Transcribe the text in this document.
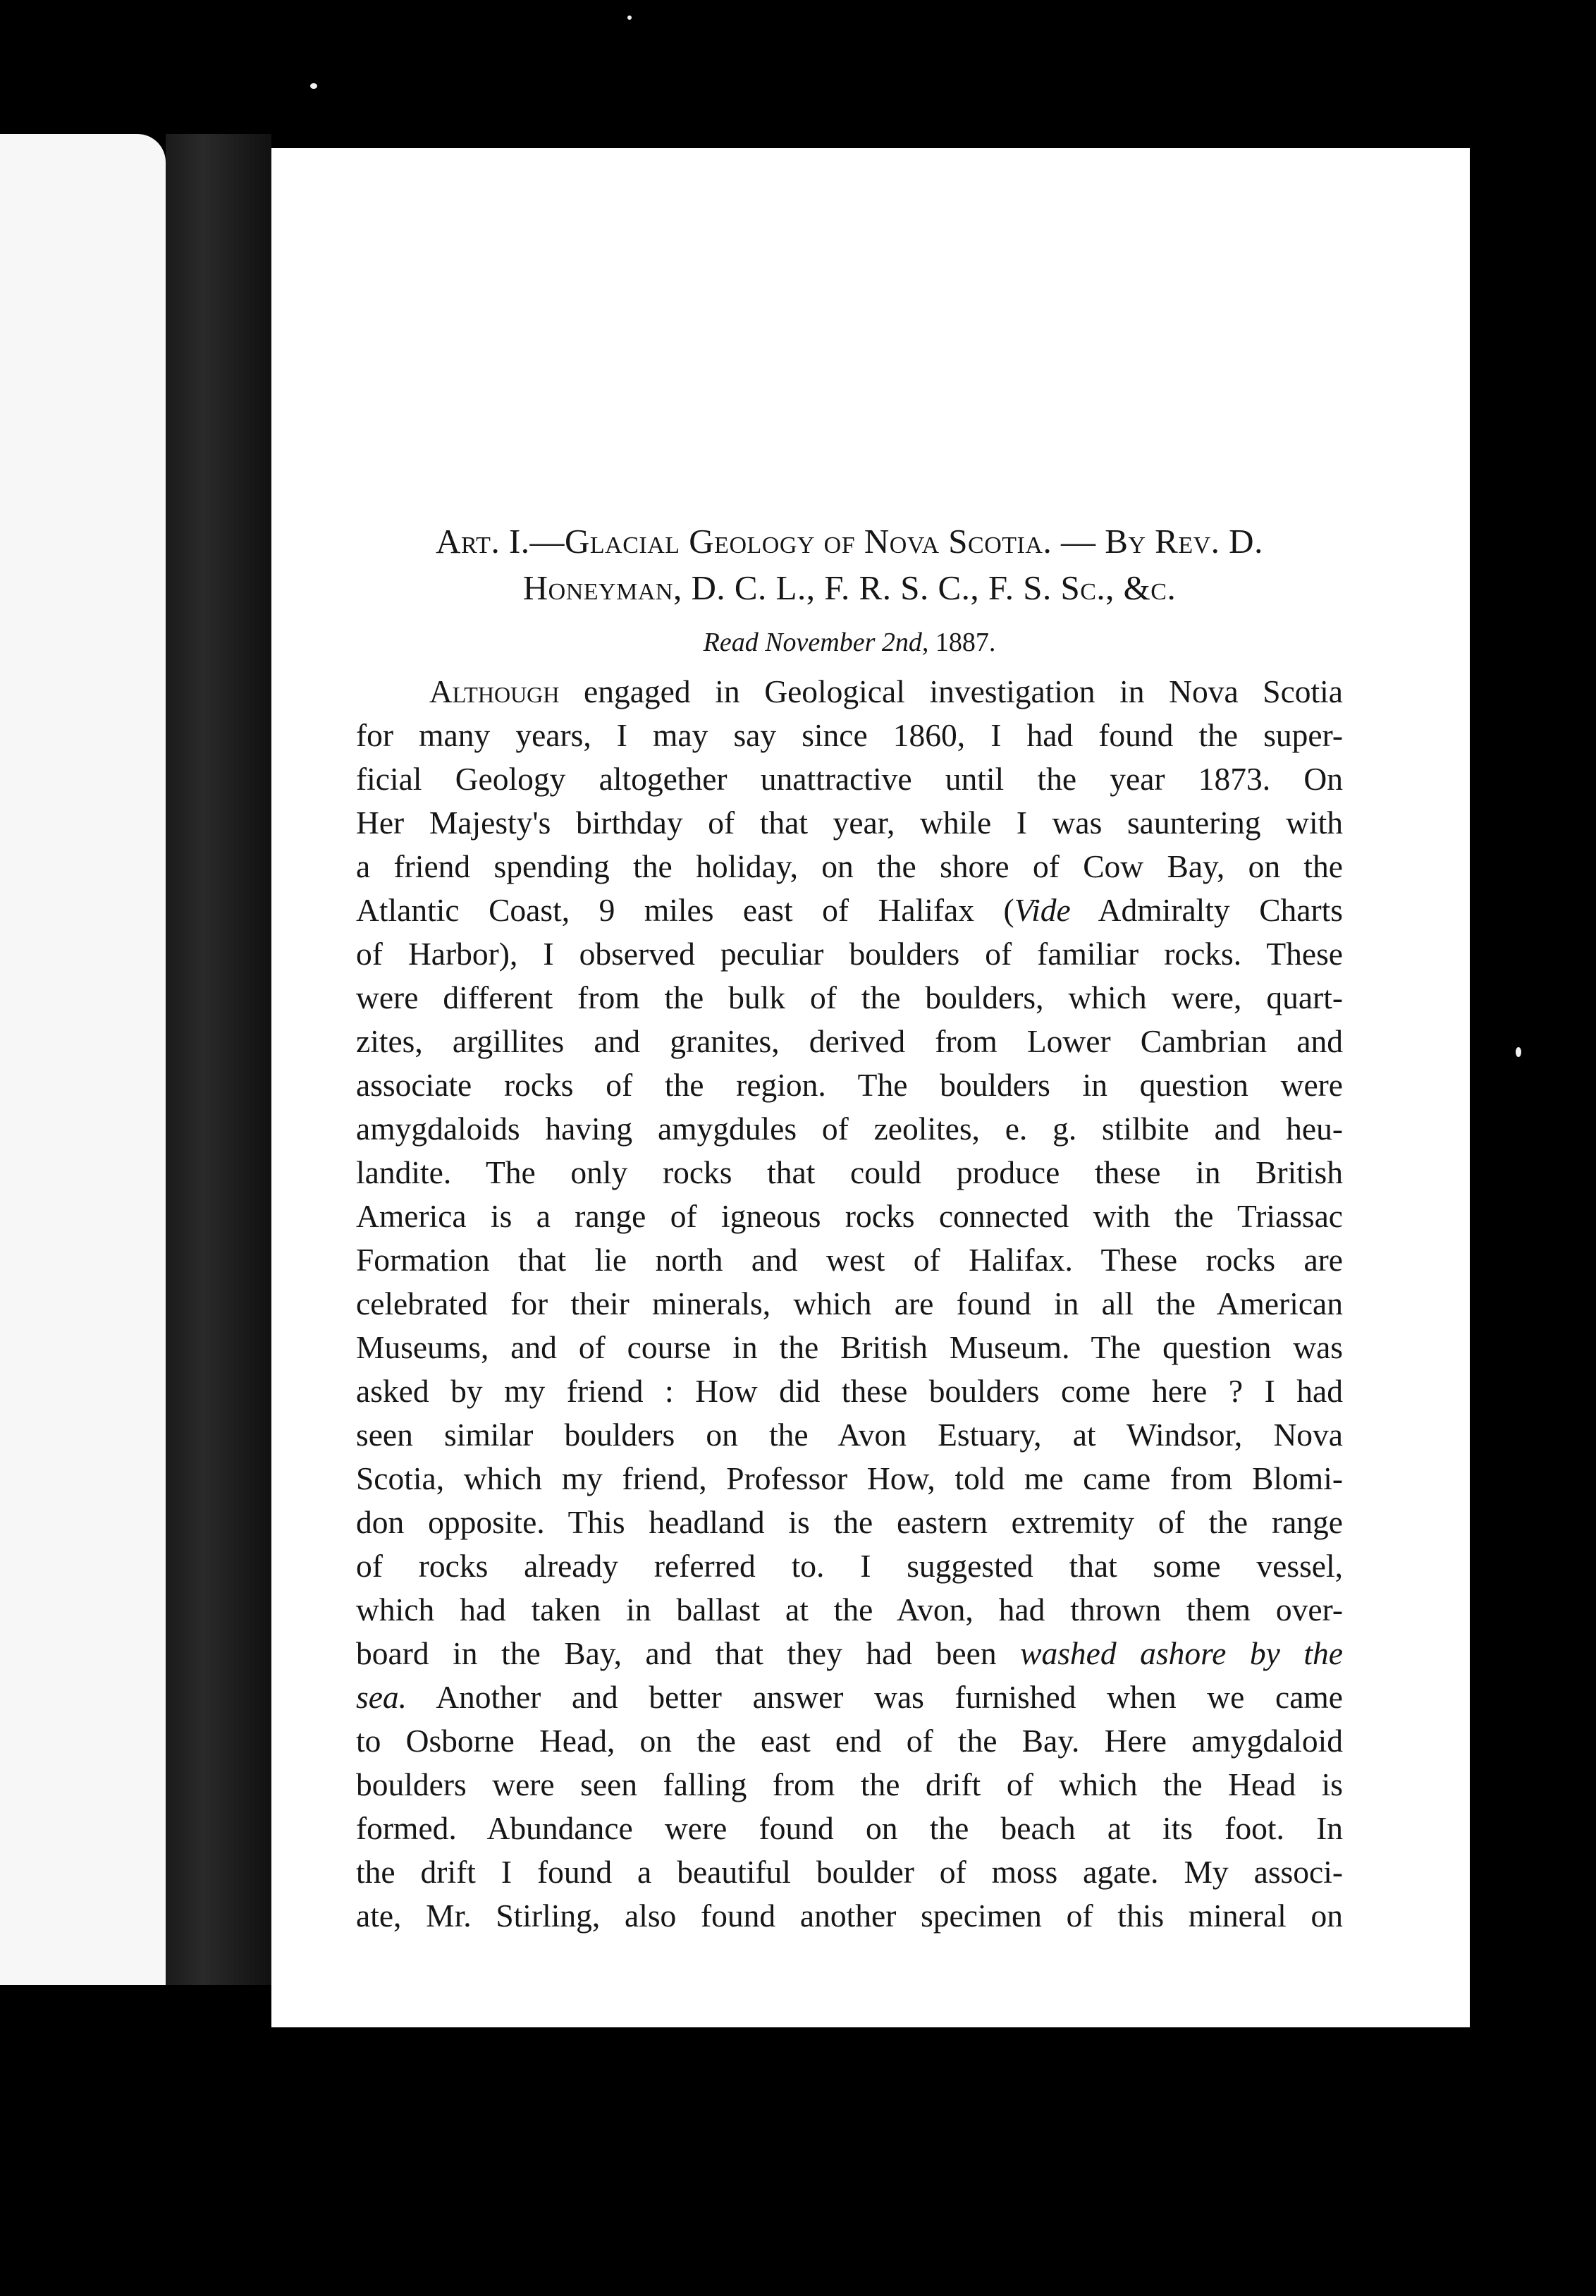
Art. I.—Glacial Geology of Nova Scotia. — By Rev. D.
Honeyman, D. C. L., F. R. S. C., F. S. Sc., &c.
Read November 2nd, 1887.
Although engaged in Geological investigation in Nova Scotia
for many years, I may say since 1860, I had found the super-
ficial Geology altogether unattractive until the year 1873. On
Her Majesty's birthday of that year, while I was sauntering with
a friend spending the holiday, on the shore of Cow Bay, on the
Atlantic Coast, 9 miles east of Halifax (Vide Admiralty Charts
of Harbor), I observed peculiar boulders of familiar rocks. These
were different from the bulk of the boulders, which were, quart-
zites, argillites and granites, derived from Lower Cambrian and
associate rocks of the region. The boulders in question were
amygdaloids having amygdules of zeolites, e. g. stilbite and heu-
landite. The only rocks that could produce these in British
America is a range of igneous rocks connected with the Triassac
Formation that lie north and west of Halifax. These rocks are
celebrated for their minerals, which are found in all the American
Museums, and of course in the British Museum. The question was
asked by my friend : How did these boulders come here ? I had
seen similar boulders on the Avon Estuary, at Windsor, Nova
Scotia, which my friend, Professor How, told me came from Blomi-
don opposite. This headland is the eastern extremity of the range
of rocks already referred to. I suggested that some vessel,
which had taken in ballast at the Avon, had thrown them over-
board in the Bay, and that they had been washed ashore by the
sea. Another and better answer was furnished when we came
to Osborne Head, on the east end of the Bay. Here amygdaloid
boulders were seen falling from the drift of which the Head is
formed. Abundance were found on the beach at its foot. In
the drift I found a beautiful boulder of moss agate. My associ-
ate, Mr. Stirling, also found another specimen of this mineral on
